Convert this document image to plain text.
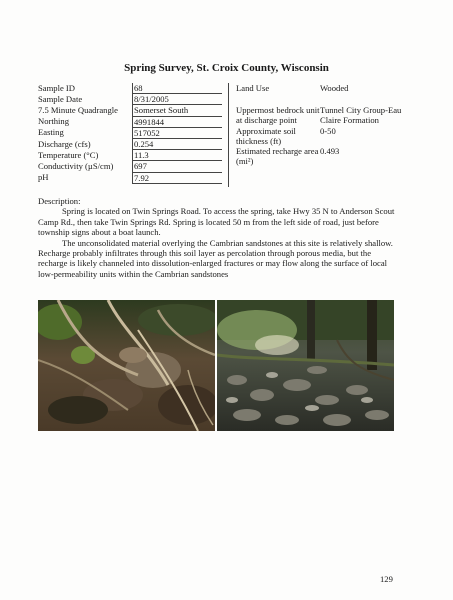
Spring Survey, St. Croix County, Wisconsin
Sample ID	68
Sample Date	8/31/2005
7.5 Minute Quadrangle	Somerset South
Northing	4991844
Easting	517052
Discharge (cfs)	0.254
Temperature (°C)	11.3
Conductivity (µS/cm)	697
pH	7.92
Land Use	Wooded

Uppermost bedrock unit at discharge point	Tunnel City Group-Eau Claire Formation
Approximate soil thickness (ft)	0-50
Estimated recharge area (mi²)	0.493

Description:

Spring is located on Twin Springs Road. To access the spring, take Hwy 35 N to Anderson Scout Camp Rd., then take Twin Springs Rd. Spring is located 50 m from the left side of road, just before township signs about a boat launch.

The unconsolidated material overlying the Cambrian sandstones at this site is relatively shallow. Recharge probably infiltrates through this soil layer as percolation through porous media, but the recharge is likely channeled into dissolution-enlarged fractures or may flow along the surface of local low-permeability units within the Cambrian sandstones

129
